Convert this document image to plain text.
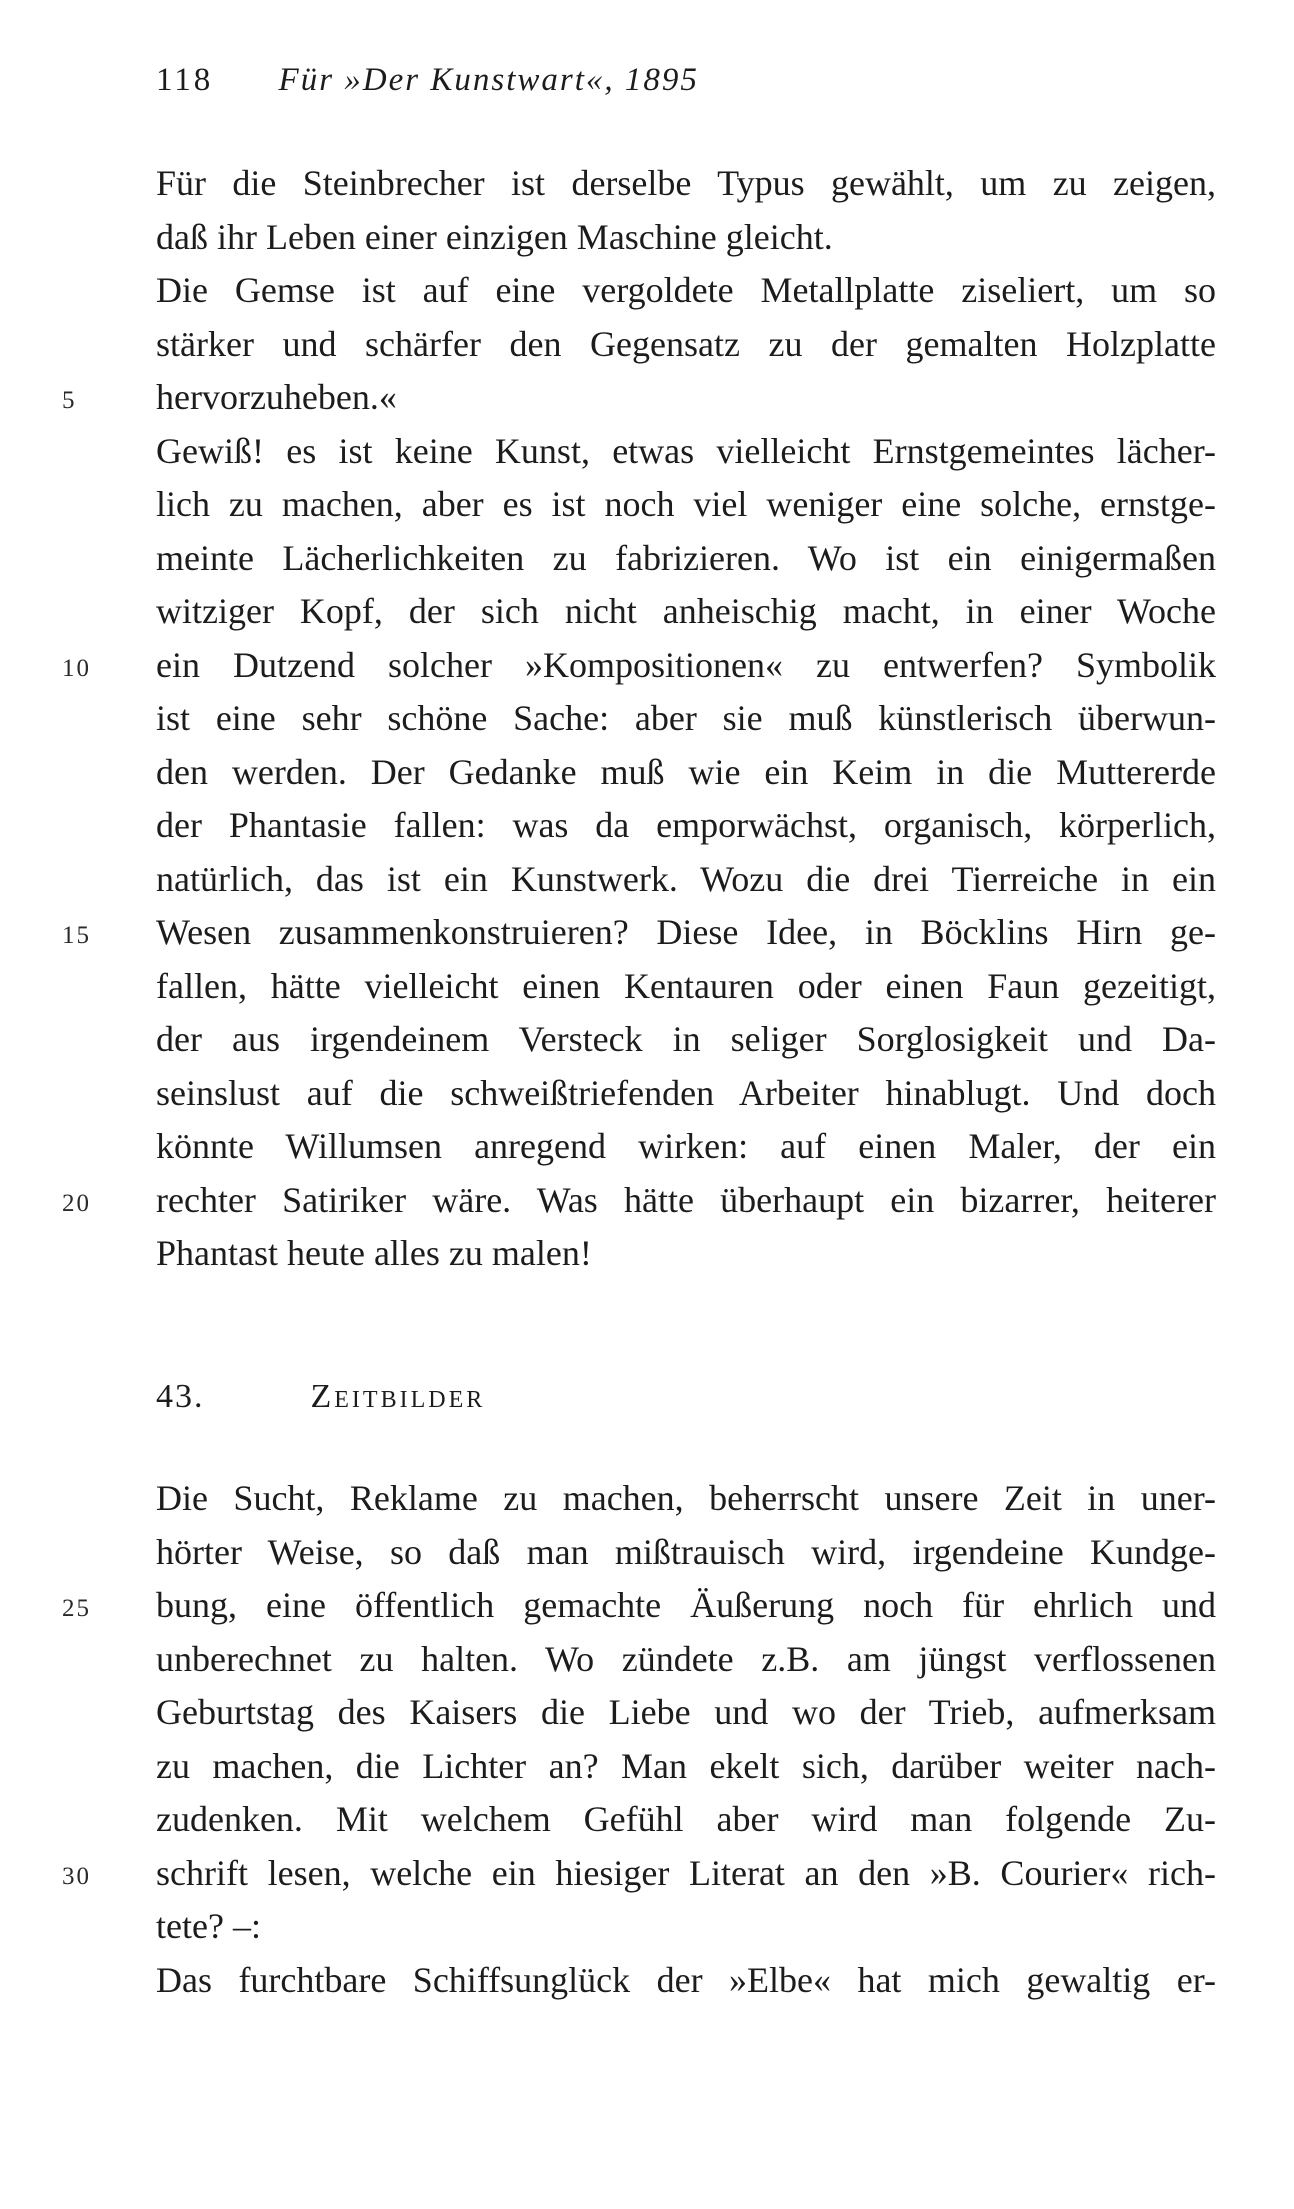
118 Für »Der Kunstwart«, 1895
Für die Steinbrecher ist derselbe Typus gewählt, um zu zeigen,
daß ihr Leben einer einzigen Maschine gleicht.
Die Gemse ist auf eine vergoldete Metallplatte ziseliert, um so
stärker und schärfer den Gegensatz zu der gemalten Holzplatte
5	hervorzuheben.«
Gewiß! es ist keine Kunst, etwas vielleicht Ernstgemeintes lächer-
lich zu machen, aber es ist noch viel weniger eine solche, ernstge-
meinte Lächerlichkeiten zu fabrizieren. Wo ist ein einigermaßen
witziger Kopf, der sich nicht anheischig macht, in einer Woche
10	ein Dutzend solcher »Kompositionen« zu entwerfen? Symbolik
ist eine sehr schöne Sache: aber sie muß künstlerisch überwun-
den werden. Der Gedanke muß wie ein Keim in die Muttererde
der Phantasie fallen: was da emporwächst, organisch, körperlich,
natürlich, das ist ein Kunstwerk. Wozu die drei Tierreiche in ein
15	Wesen zusammenkonstruieren? Diese Idee, in Böcklins Hirn ge-
fallen, hätte vielleicht einen Kentauren oder einen Faun gezeitigt,
der aus irgendeinem Versteck in seliger Sorglosigkeit und Da-
seinslust auf die schweißtriefenden Arbeiter hinablugt. Und doch
könnte Willumsen anregend wirken: auf einen Maler, der ein
20	rechter Satiriker wäre. Was hätte überhaupt ein bizarrer, heiterer
Phantast heute alles zu malen!
43.	Zeitbilder
Die Sucht, Reklame zu machen, beherrscht unsere Zeit in uner-
hörter Weise, so daß man mißtrauisch wird, irgendeine Kundge-
25	bung, eine öffentlich gemachte Äußerung noch für ehrlich und
unberechnet zu halten. Wo zündete z.B. am jüngst verflossenen
Geburtstag des Kaisers die Liebe und wo der Trieb, aufmerksam
zu machen, die Lichter an? Man ekelt sich, darüber weiter nach-
zudenken. Mit welchem Gefühl aber wird man folgende Zu-
30	schrift lesen, welche ein hiesiger Literat an den »B. Courier« rich-
tete? –:
Das furchtbare Schiffsunglück der »Elbe« hat mich gewaltig er-
